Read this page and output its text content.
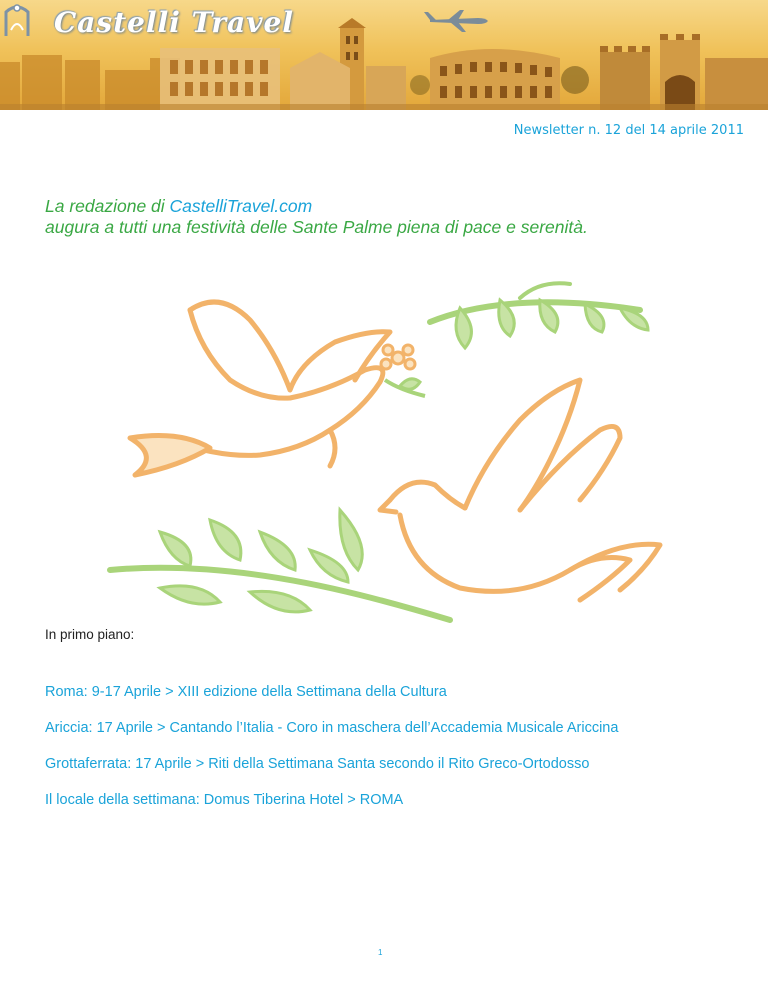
Castelli Travel
Newsletter n. 12 del 14 aprile 2011
La redazione di CastelliTravel.com
augura a tutti una festività delle Sante Palme piena di pace e serenità.
In primo piano:
Roma: 9-17 Aprile > XIII edizione della Settimana della Cultura
Ariccia: 17 Aprile > Cantando l’Italia - Coro in maschera dell’Accademia Musicale Ariccina
Grottaferrata: 17 Aprile > Riti della Settimana Santa secondo il Rito Greco-Ortodosso
Il locale della settimana: Domus Tiberina Hotel > ROMA
1
